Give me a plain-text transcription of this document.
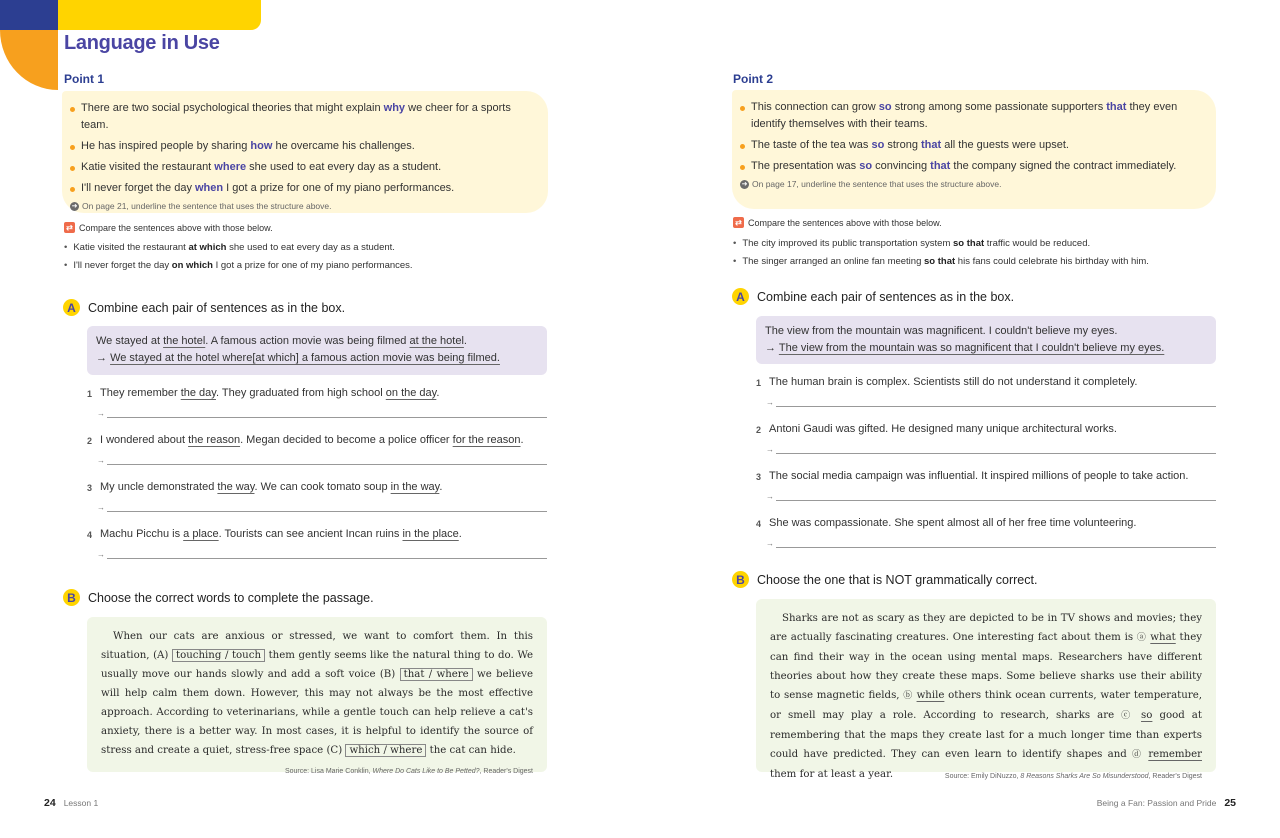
Language in Use
Point 1
There are two social psychological theories that might explain why we cheer for a sports team.
He has inspired people by sharing how he overcame his challenges.
Katie visited the restaurant where she used to eat every day as a student.
I'll never forget the day when I got a prize for one of my piano performances.
➜ On page 21, underline the sentence that uses the structure above.
⇄ Compare the sentences above with those below.
• Katie visited the restaurant at which she used to eat every day as a student.
• I'll never forget the day on which I got a prize for one of my piano performances.
A Combine each pair of sentences as in the box.
We stayed at the hotel. A famous action movie was being filmed at the hotel.
→ We stayed at the hotel where[at which] a famous action movie was being filmed.
1 They remember the day. They graduated from high school on the day.
→
2 I wondered about the reason. Megan decided to become a police officer for the reason.
→
3 My uncle demonstrated the way. We can cook tomato soup in the way.
→
4 Machu Picchu is a place. Tourists can see ancient Incan ruins in the place.
→
B Choose the correct words to complete the passage.
When our cats are anxious or stressed, we want to comfort them. In this situation, (A) touching / touch them gently seems like the natural thing to do. We usually move our hands slowly and add a soft voice (B) that / where we believe will help calm them down. However, this may not always be the most effective approach. According to veterinarians, while a gentle touch can help relieve a cat's anxiety, there is a better way. In most cases, it is helpful to identify the source of stress and create a quiet, stress-free space (C) which / where the cat can hide.
Source: Lisa Marie Conklin, Where Do Cats Like to Be Petted?, Reader's Digest
24 Lesson 1
Point 2
This connection can grow so strong among some passionate supporters that they even identify themselves with their teams.
The taste of the tea was so strong that all the guests were upset.
The presentation was so convincing that the company signed the contract immediately.
➜ On page 17, underline the sentence that uses the structure above.
⇄ Compare the sentences above with those below.
• The city improved its public transportation system so that traffic would be reduced.
• The singer arranged an online fan meeting so that his fans could celebrate his birthday with him.
A Combine each pair of sentences as in the box.
The view from the mountain was magnificent. I couldn't believe my eyes.
→ The view from the mountain was so magnificent that I couldn't believe my eyes.
1 The human brain is complex. Scientists still do not understand it completely.
→
2 Antoni Gaudi was gifted. He designed many unique architectural works.
→
3 The social media campaign was influential. It inspired millions of people to take action.
→
4 She was compassionate. She spent almost all of her free time volunteering.
→
B Choose the one that is NOT grammatically correct.
Sharks are not as scary as they are depicted to be in TV shows and movies; they are actually fascinating creatures. One interesting fact about them is ⓐ what they can find their way in the ocean using mental maps. Researchers have different theories about how they create these maps. Some believe sharks use their ability to sense magnetic fields, ⓑ while others think ocean currents, water temperature, or smell may play a role. According to research, sharks are ⓒ so good at remembering that the maps they create last for a much longer time than experts could have predicted. They can even learn to identify shapes and ⓓ remember them for at least a year.	Source: Emily DiNuzzo, 8 Reasons Sharks Are So Misunderstood, Reader's Digest
Being a Fan: Passion and Pride 25
